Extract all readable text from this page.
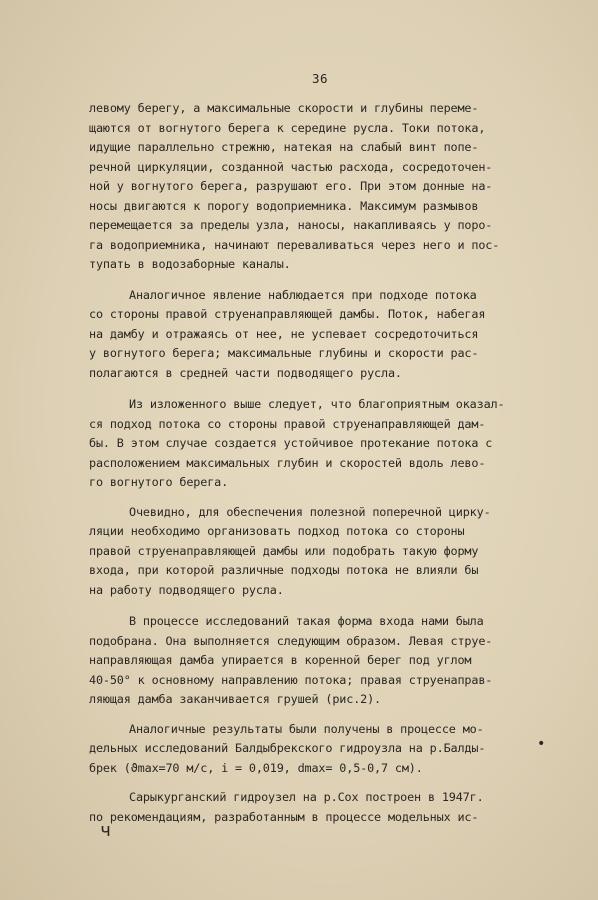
36

левому берегу, а максимальные скорости и глубины переме-
щаются от вогнутого берега к середине русла. Токи потока,
идущие параллельно стрежню, натекая на слабый винт попе-
речной циркуляции, созданной частью расхода, сосредоточен-
ной у вогнутого берега, разрушают его. При этом донные на-
носы двигаются к порогу водоприемника. Максимум размывов
перемещается за пределы узла, наносы, накапливаясь у поро-
га водоприемника, начинают переваливаться через него и пос-
тупать в водозаборные каналы.

Аналогичное явление наблюдается при подходе потока
со стороны правой струенаправляющей дамбы. Поток, набегая
на дамбу и отражаясь от нее, не успевает сосредоточиться
у вогнутого берега; максимальные глубины и скорости рас-
полагаются в средней части подводящего русла.

Из изложенного выше следует, что благоприятным оказал-
ся подход потока со стороны правой струенаправляющей дам-
бы. В этом случае создается устойчивое протекание потока с
расположением максимальных глубин и скоростей вдоль лево-
го вогнутого берега.

Очевидно, для обеспечения полезной поперечной цирку-
ляции необходимо организовать подход потока со стороны
правой струенаправляющей дамбы или подобрать такую форму
входа, при которой различные подходы потока не влияли бы
на работу подводящего русла.

В процессе исследований такая форма входа нами была
подобрана. Она выполняется следующим образом. Левая струе-
направляющая дамба упирается в коренной берег под углом
40-50° к основному направлению потока; правая струенаправ-
ляющая дамба заканчивается грушей (рис.2).

Аналогичные результаты были получены в процессе мо-
дельных исследований Балдыбрекского гидроузла на р.Балды-
брек (ϑmax=70 м/с, i = 0,019, dmax= 0,5-0,7 см).

Сарыкурганский гидроузел на р.Сох построен в 1947г.
по рекомендациям, разработанным в процессе модельных ис-

•
ч
